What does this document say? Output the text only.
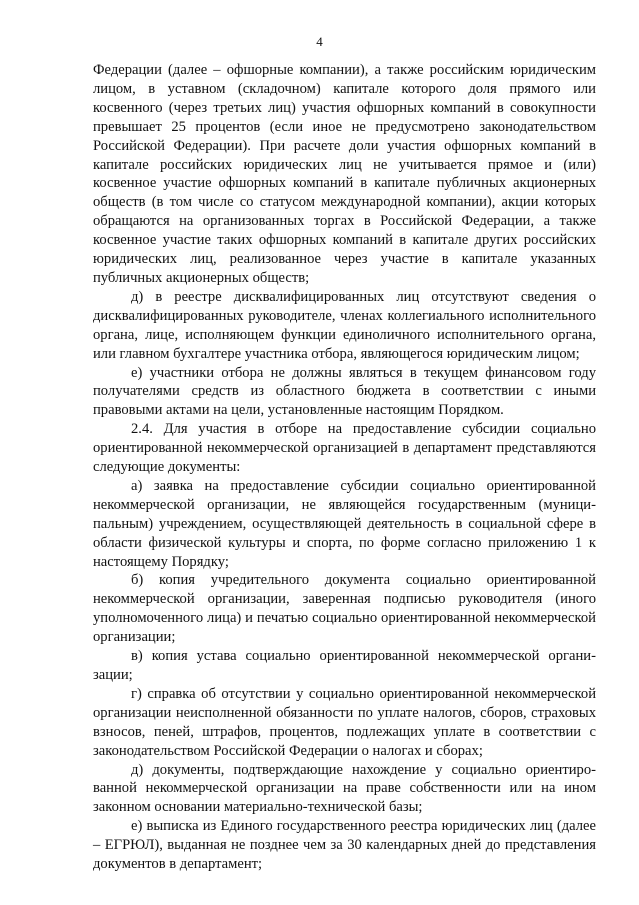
4

Федерации (далее – офшорные компании), а также российским юридическим лицом, в уставном (складочном) капитале которого доля прямого или косвенного (через третьих лиц) участия офшорных компаний в совокупности превышает 25 процентов (если иное не предусмотрено законодательством Российской Федерации). При расчете доли участия офшорных компаний в капитале российских юридических лиц не учитывается прямое и (или) косвенное участие офшорных компаний в капитале публичных акционерных обществ (в том числе со статусом международной компании), акции которых обращаются на организованных торгах в Российской Федерации, а также косвенное участие таких офшорных компаний в капитале других российских юридических лиц, реализованное через участие в капитале указанных публичных акционерных обществ;

д) в реестре дисквалифицированных лиц отсутствуют сведения о дисквалифицированных руководителе, членах коллегиального исполнительного органа, лице, исполняющем функции единоличного исполнительного органа, или главном бухгалтере участника отбора, являющегося юридическим лицом;

е) участники отбора не должны являться в текущем финансовом году получателями средств из областного бюджета в соответствии с иными правовыми актами на цели, установленные настоящим Порядком.

2.4. Для участия в отборе на предоставление субсидии социально ориентированной некоммерческой организацией в департамент представляются следующие документы:

а) заявка на предоставление субсидии социально ориентированной некоммерческой организации, не являющейся государственным (муниципальным) учреждением, осуществляющей деятельность в социальной сфере в области физической культуры и спорта, по форме согласно приложению 1 к настоящему Порядку;

б) копия учредительного документа социально ориентированной некоммерческой организации, заверенная подписью руководителя (иного уполномоченного лица) и печатью социально ориентированной некоммерческой организации;

в) копия устава социально ориентированной некоммерческой организации;

г) справка об отсутствии у социально ориентированной некоммерческой организации неисполненной обязанности по уплате налогов, сборов, страховых взносов, пеней, штрафов, процентов, подлежащих уплате в соответствии с законодательством Российской Федерации о налогах и сборах;

д) документы, подтверждающие нахождение у социально ориентированной некоммерческой организации на праве собственности или на ином законном основании материально-технической базы;

е) выписка из Единого государственного реестра юридических лиц (далее – ЕГРЮЛ), выданная не позднее чем за 30 календарных дней до представления документов в департамент;
